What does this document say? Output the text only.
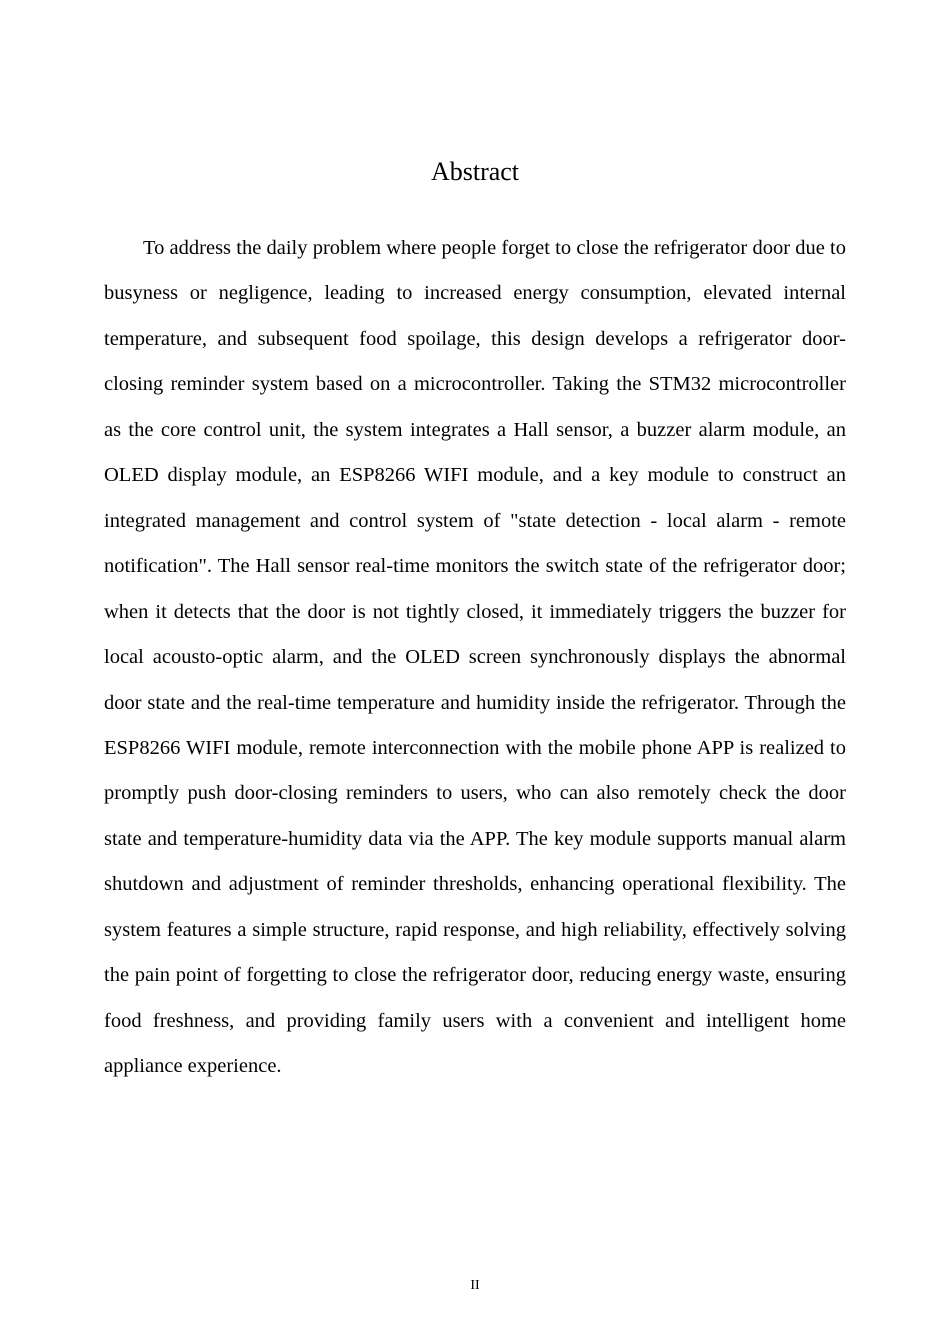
Abstract

To address the daily problem where people forget to close the refrigerator door due to busyness or negligence, leading to increased energy consumption, elevated internal temperature, and subsequent food spoilage, this design develops a refrigerator door-closing reminder system based on a microcontroller. Taking the STM32 microcontroller as the core control unit, the system integrates a Hall sensor, a buzzer alarm module, an OLED display module, an ESP8266 WIFI module, and a key module to construct an integrated management and control system of "state detection - local alarm - remote notification". The Hall sensor real-time monitors the switch state of the refrigerator door; when it detects that the door is not tightly closed, it immediately triggers the buzzer for local acousto-optic alarm, and the OLED screen synchronously displays the abnormal door state and the real-time temperature and humidity inside the refrigerator. Through the ESP8266 WIFI module, remote interconnection with the mobile phone APP is realized to promptly push door-closing reminders to users, who can also remotely check the door state and temperature-humidity data via the APP. The key module supports manual alarm shutdown and adjustment of reminder thresholds, enhancing operational flexibility. The system features a simple structure, rapid response, and high reliability, effectively solving the pain point of forgetting to close the refrigerator door, reducing energy waste, ensuring food freshness, and providing family users with a convenient and intelligent home appliance experience.

II
